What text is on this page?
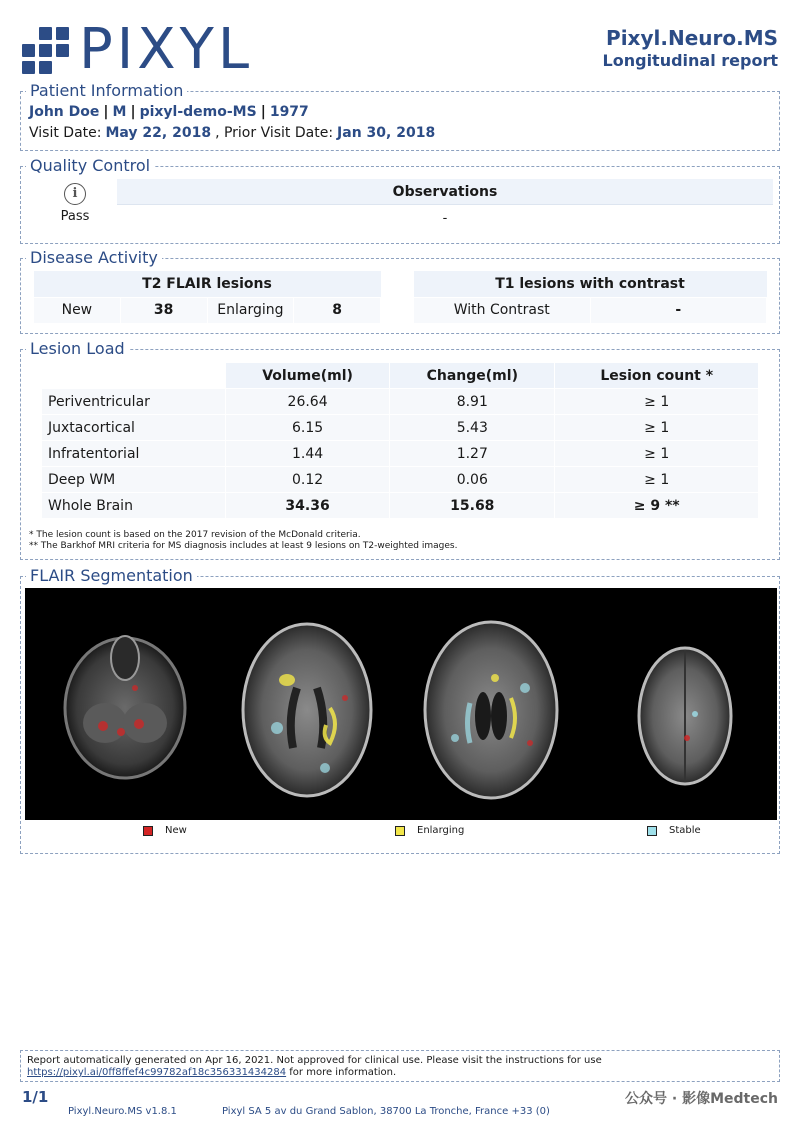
PIXYL	Pixyl.Neuro.MS
Longitudinal report
Patient Information
John Doe | M | pixyl-demo-MS | 1977
Visit Date: May 22, 2018 , Prior Visit Date: Jan 30, 2018
Quality Control
i
Pass
Observations
-
Disease Activity
T2 FLAIR lesions
New	38	Enlarging	8
T1 lesions with contrast
With Contrast	-
Lesion Load
	Volume(ml)	Change(ml)	Lesion count *
Periventricular	26.64	8.91	≥ 1
Juxtacortical	6.15	5.43	≥ 1
Infratentorial	1.44	1.27	≥ 1
Deep WM	0.12	0.06	≥ 1
Whole Brain	34.36	15.68	≥ 9 **
* The lesion count is based on the 2017 revision of the McDonald criteria.
** The Barkhof MRI criteria for MS diagnosis includes at least 9 lesions on T2-weighted images.
FLAIR Segmentation
New	Enlarging	Stable
Report automatically generated on Apr 16, 2021. Not approved for clinical use. Please visit the instructions for use
https://pixyl.ai/0ff8ffef4c99782af18c356331434284 for more information.
1/1
Pixyl.Neuro.MS v1.8.1	Pixyl SA 5 av du Grand Sablon, 38700 La Tronche, France +33 (0)
公众号 · 影像Medtech
